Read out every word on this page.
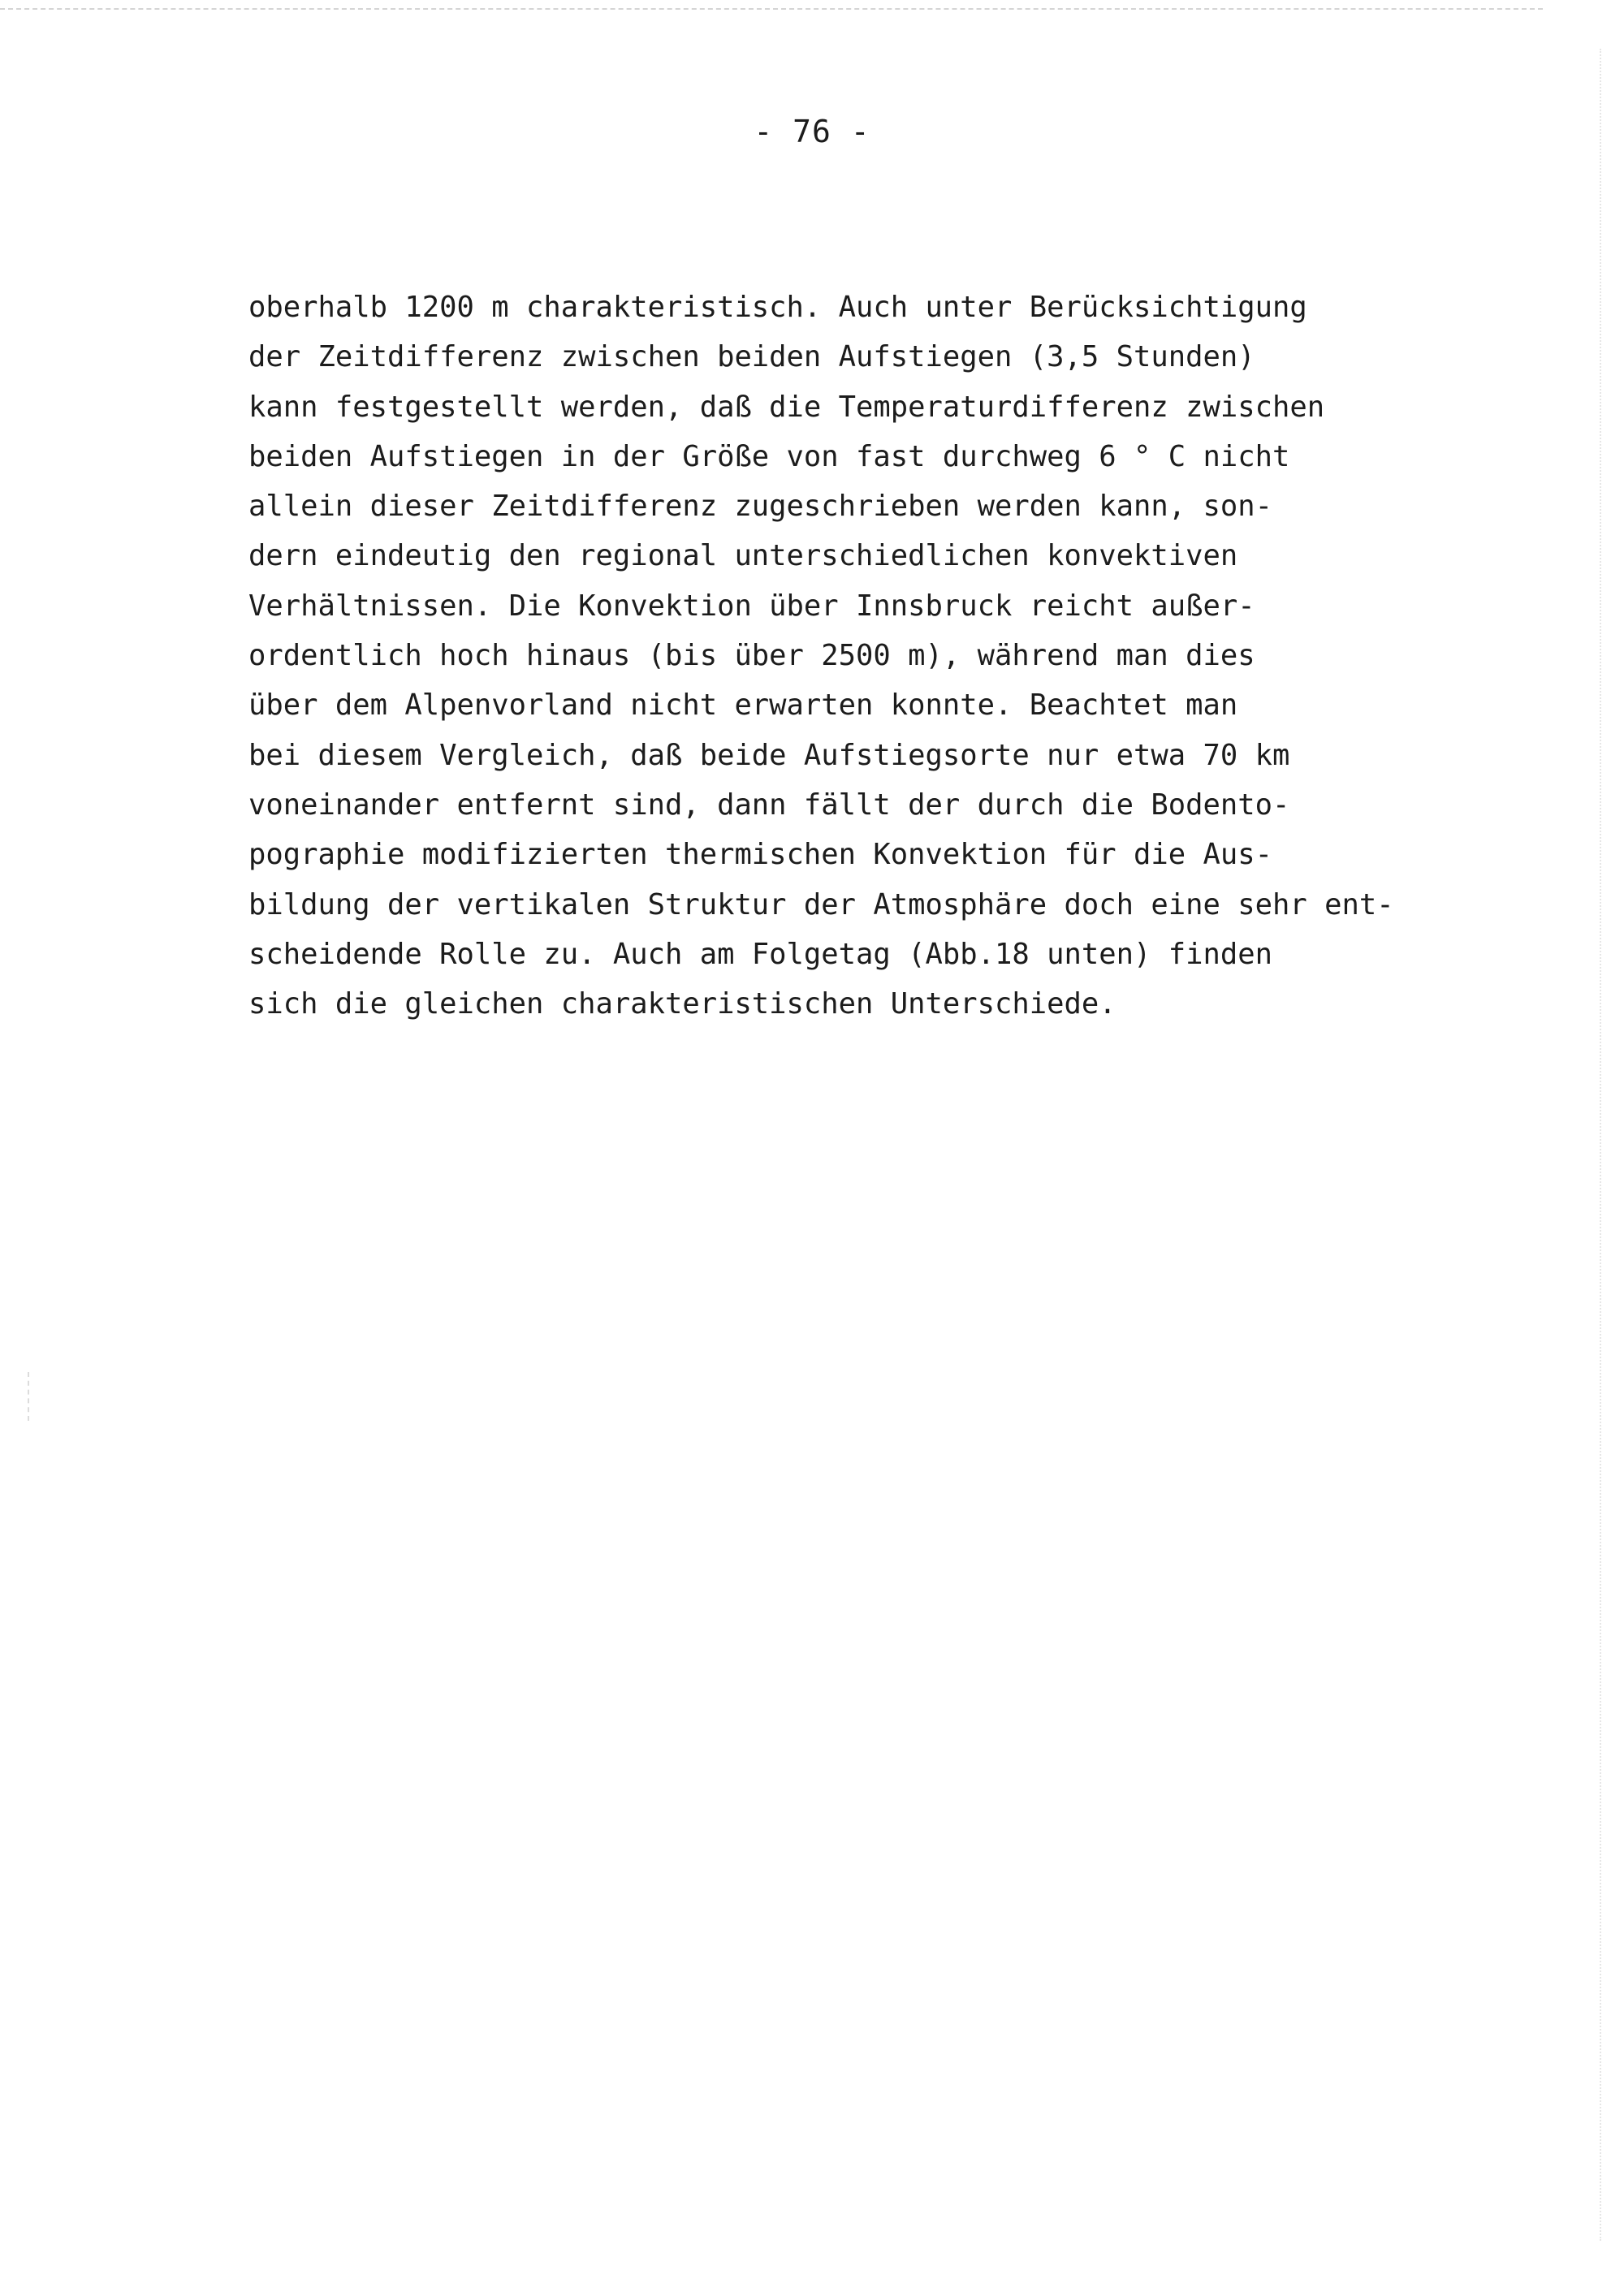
- 76 -
oberhalb 1200 m charakteristisch. Auch unter Berücksichtigung
der Zeitdifferenz zwischen beiden Aufstiegen (3,5 Stunden)
kann festgestellt werden, daß die Temperaturdifferenz zwischen
beiden Aufstiegen in der Größe von fast durchweg 6 ° C nicht
allein dieser Zeitdifferenz zugeschrieben werden kann, son-
dern eindeutig den regional unterschiedlichen konvektiven
Verhältnissen. Die Konvektion über Innsbruck reicht außer-
ordentlich hoch hinaus (bis über 2500 m), während man dies
über dem Alpenvorland nicht erwarten konnte. Beachtet man
bei diesem Vergleich, daß beide Aufstiegsorte nur etwa 70 km
voneinander entfernt sind, dann fällt der durch die Bodento-
pographie modifizierten thermischen Konvektion für die Aus-
bildung der vertikalen Struktur der Atmosphäre doch eine sehr ent-
scheidende Rolle zu. Auch am Folgetag (Abb.18 unten) finden
sich die gleichen charakteristischen Unterschiede.
